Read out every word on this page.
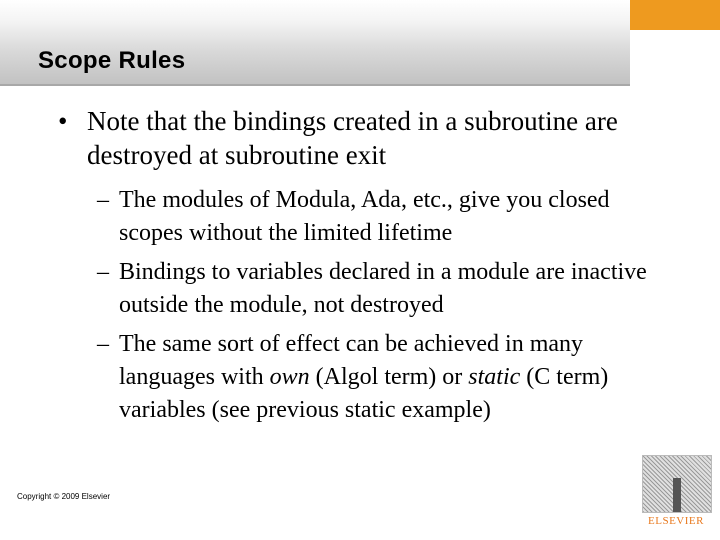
Scope Rules
• Note that the bindings created in a subroutine are destroyed at subroutine exit
– The modules of Modula, Ada, etc., give you closed scopes without the limited lifetime
– Bindings to variables declared in a module are inactive outside the module, not destroyed
– The same sort of effect can be achieved in many languages with own (Algol term) or static (C term) variables (see previous static example)
Copyright © 2009 Elsevier
ELSEVIER
